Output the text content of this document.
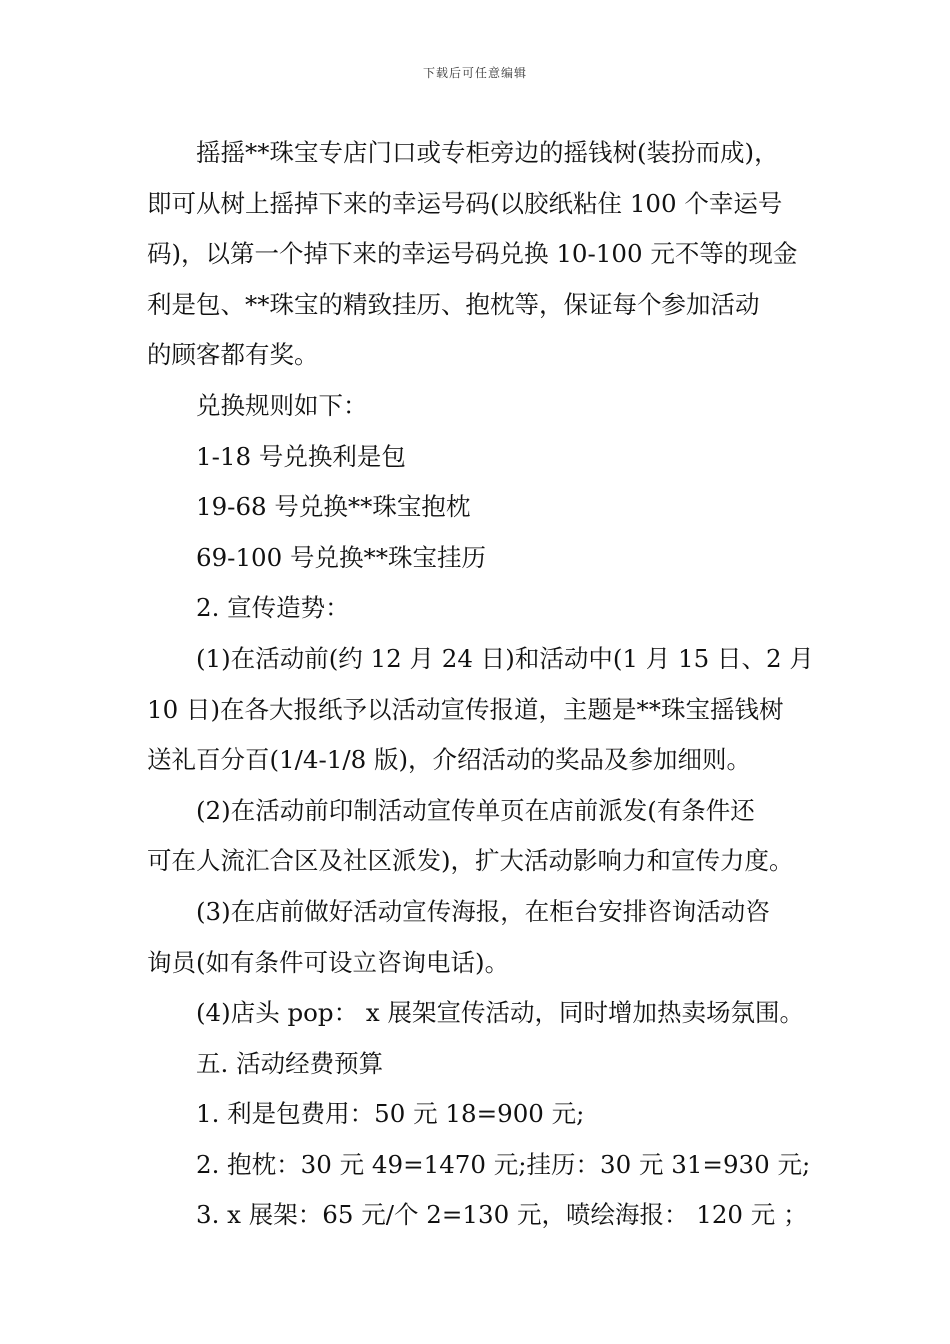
下载后可任意编辑

摇摇**珠宝专店门口或专柜旁边的摇钱树(装扮而成)，

即可从树上摇掉下来的幸运号码(以胶纸粘住 100 个幸运号

码)，以第一个掉下来的幸运号码兑换 10-100 元不等的现金

利是包、**珠宝的精致挂历、抱枕等，保证每个参加活动

的顾客都有奖。

兑换规则如下：

1-18 号兑换利是包

19-68 号兑换**珠宝抱枕

69-100 号兑换**珠宝挂历

2. 宣传造势：

(1)在活动前(约 12 月 24 日)和活动中(1 月 15 日、2 月

10 日)在各大报纸予以活动宣传报道，主题是**珠宝摇钱树

送礼百分百(1/4-1/8 版)，介绍活动的奖品及参加细则。

(2)在活动前印制活动宣传单页在店前派发(有条件还

可在人流汇合区及社区派发)，扩大活动影响力和宣传力度。

(3)在店前做好活动宣传海报，在柜台安排咨询活动咨

询员(如有条件可设立咨询电话)。

(4)店头 pop： x 展架宣传活动，同时增加热卖场氛围。

五. 活动经费预算

1. 利是包费用：50 元 18=900 元;

2. 抱枕：30 元 49=1470 元;挂历：30 元 31=930 元;

3. x 展架：65 元/个 2=130 元，喷绘海报： 120 元 ；
